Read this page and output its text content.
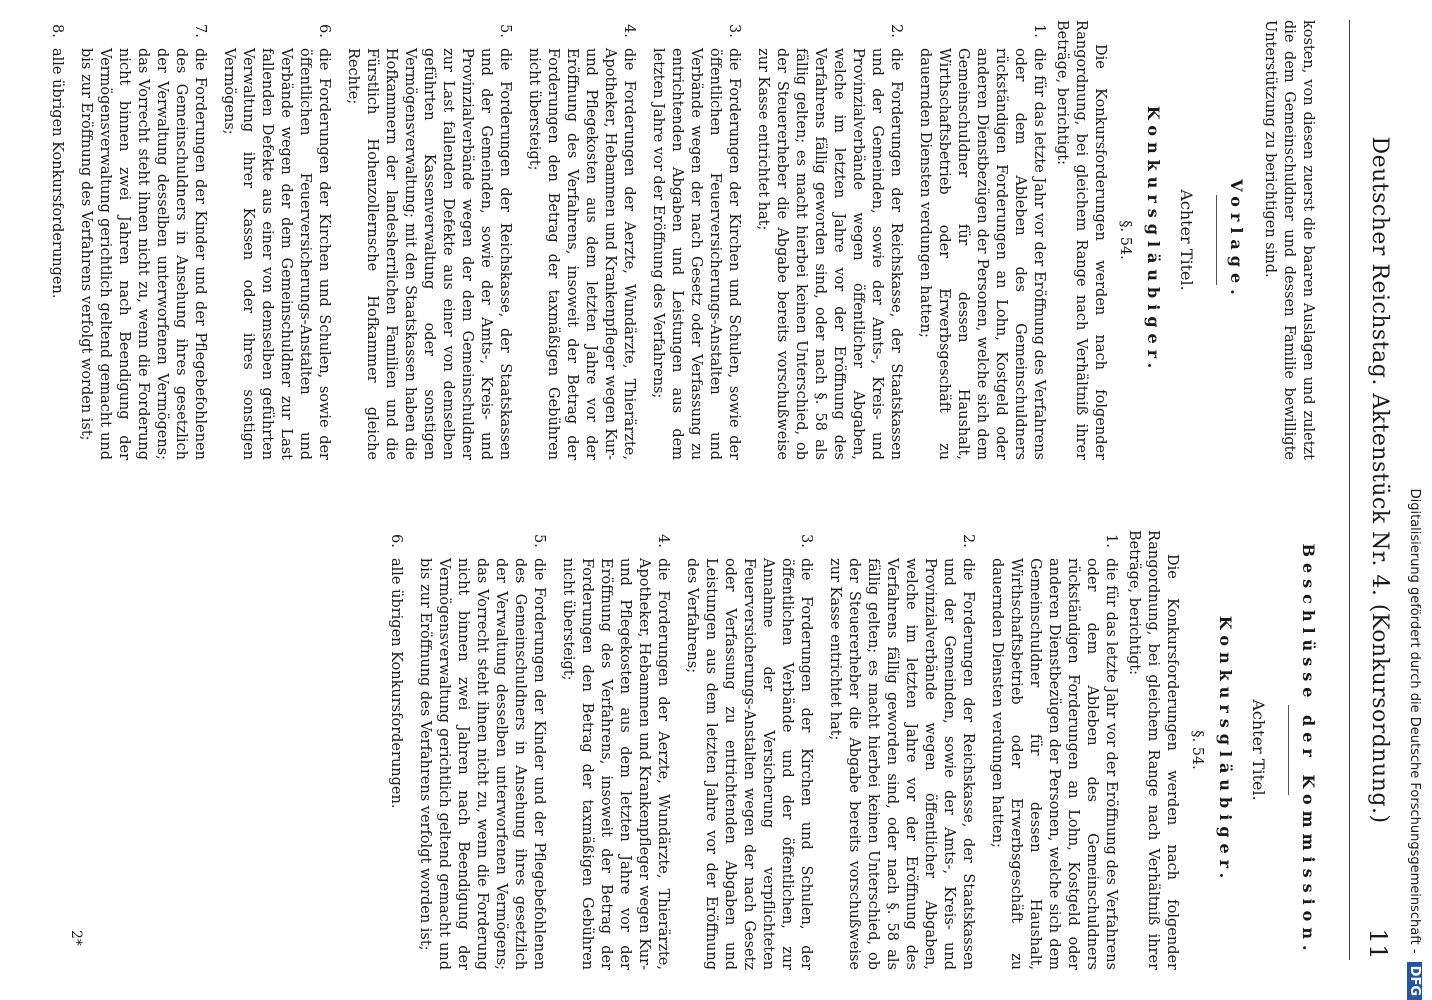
Digitalisierung gefördert durch die Deutsche Forschungsgemeinschaft - DFG
Deutscher Reichstag. Aktenstück Nr. 4. (Konkursordnung.)
11

kosten, von diesen zuerst die baaren Auslagen und zuletzt die dem Gemeinschuldner und dessen Familie bewilligte Unterstützung zu berichtigen sind.

Vorlage.
Achter Titel.
Konkursgläubiger.
§. 54.

Die Konkursforderungen werden nach folgender Rangordnung, bei gleichem Range nach Verhältniß ihrer Beträge, berichtigt:

1.
die für das letzte Jahr vor der Eröffnung des Verfahrens oder dem Ableben des Gemeinschuldners rückständigen Forderungen an Lohn, Kostgeld oder anderen Dienstbezügen der Personen, welche sich dem Gemeinschuldner für dessen Haushalt, Wirthschaftsbetrieb oder Erwerbsgeschäft zu dauernden Diensten verdungen hatten;
2.
die Forderungen der Reichskasse, der Staatskassen und der Gemeinden, sowie der Amts-, Kreis- und Provinzialverbände wegen öffentlicher Abgaben, welche im letzten Jahre vor der Eröffnung des Verfahrens fällig geworden sind, oder nach §. 58 als fällig gelten; es macht hierbei keinen Unterschied, ob der Steuererheber die Abgabe bereits vorschußweise zur Kasse entrichtet hat;
3.
die Forderungen der Kirchen und Schulen, sowie der öffentlichen Feuerversicherungs-Anstalten und Verbände wegen der nach Gesetz oder Verfassung zu entrichtenden Abgaben und Leistungen aus dem letzten Jahre vor der Eröffnung des Verfahrens;
4.
die Forderungen der Aerzte, Wundärzte, Thierärzte, Apotheker, Hebammen und Krankenpfleger wegen Kur- und Pflegekosten aus dem letzten Jahre vor der Eröffnung des Verfahrens, insoweit der Betrag der Forderungen den Betrag der taxmäßigen Gebühren nicht übersteigt;
5.
die Forderungen der Reichskasse, der Staatskassen und der Gemeinden, sowie der Amts-, Kreis- und Provinzialverbände wegen der dem Gemeinschuldner zur Last fallenden Defekte aus einer von demselben geführten Kassenverwaltung oder sonstigen Vermögensverwaltung; mit den Staatskassen haben die Hofkammern der landesherrlichen Familien und die Fürstlich Hohenzollernsche Hofkammer gleiche Rechte;
6.
die Forderungen der Kirchen und Schulen, sowie der öffentlichen Feuerversicherungs-Anstalten und Verbände wegen der dem Gemeinschuldner zur Last fallenden Defekte aus einer von demselben geführten Verwaltung ihrer Kassen oder ihres sonstigen Vermögens;
7.
die Forderungen der Kinder und der Pflegebefohlenen des Gemeinschuldners in Ansehung ihres gesetzlich der Verwaltung desselben unterworfenen Vermögens; das Vorrecht steht ihnen nicht zu, wenn die Forderung nicht binnen zwei Jahren nach Beendigung der Vermögensverwaltung gerichtlich geltend gemacht und bis zur Eröffnung des Verfahrens verfolgt worden ist;
8.
alle übrigen Konkursforderungen.
Beschlüsse der Kommission.
Achter Titel.
Konkursgläubiger.
§. 54.

Die Konkursforderungen werden nach folgender Rangordnung, bei gleichem Range nach Verhältniß ihrer Beträge, berichtigt:

1.
die für das letzte Jahr vor der Eröffnung des Verfahrens oder dem Ableben des Gemeinschuldners rückständigen Forderungen an Lohn, Kostgeld oder anderen Dienstbezügen der Personen, welche sich dem Gemeinschuldner für dessen Haushalt, Wirthschaftsbetrieb oder Erwerbsgeschäft zu dauernden Diensten verdungen hatten;
2.
die Forderungen der Reichskasse, der Staatskassen und der Gemeinden, sowie der Amts-, Kreis- und Provinzialverbände wegen öffentlicher Abgaben, welche im letzten Jahre vor der Eröffnung des Verfahrens fällig geworden sind, oder nach §. 58 als fällig gelten; es macht hierbei keinen Unterschied, ob der Steuererheber die Abgabe bereits vorschußweise zur Kasse entrichtet hat;
3.
die Forderungen der Kirchen und Schulen, der öffentlichen Verbände und der öffentlichen, zur Annahme der Versicherung verpflichteten Feuerversicherungs-Anstalten wegen der nach Gesetz oder Verfassung zu entrichtenden Abgaben und Leistungen aus dem letzten Jahre vor der Eröffnung des Verfahrens;
4.
die Forderungen der Aerzte, Wundärzte, Thierärzte, Apotheker, Hebammen und Krankenpfleger wegen Kur- und Pflegekosten aus dem letzten Jahre vor der Eröffnung des Verfahrens, insoweit der Betrag der Forderungen den Betrag der taxmäßigen Gebühren nicht übersteigt;
5.
die Forderungen der Kinder und der Pflegebefohlenen des Gemeinschuldners in Ansehung ihres gesetzlich der Verwaltung desselben unterworfenen Vermögens; das Vorrecht steht ihnen nicht zu, wenn die Forderung nicht binnen zwei Jahren nach Beendigung der Vermögensverwaltung gerichtlich geltend gemacht und bis zur Eröffnung des Verfahrens verfolgt worden ist;
6.
alle übrigen Konkursforderungen.
2*
